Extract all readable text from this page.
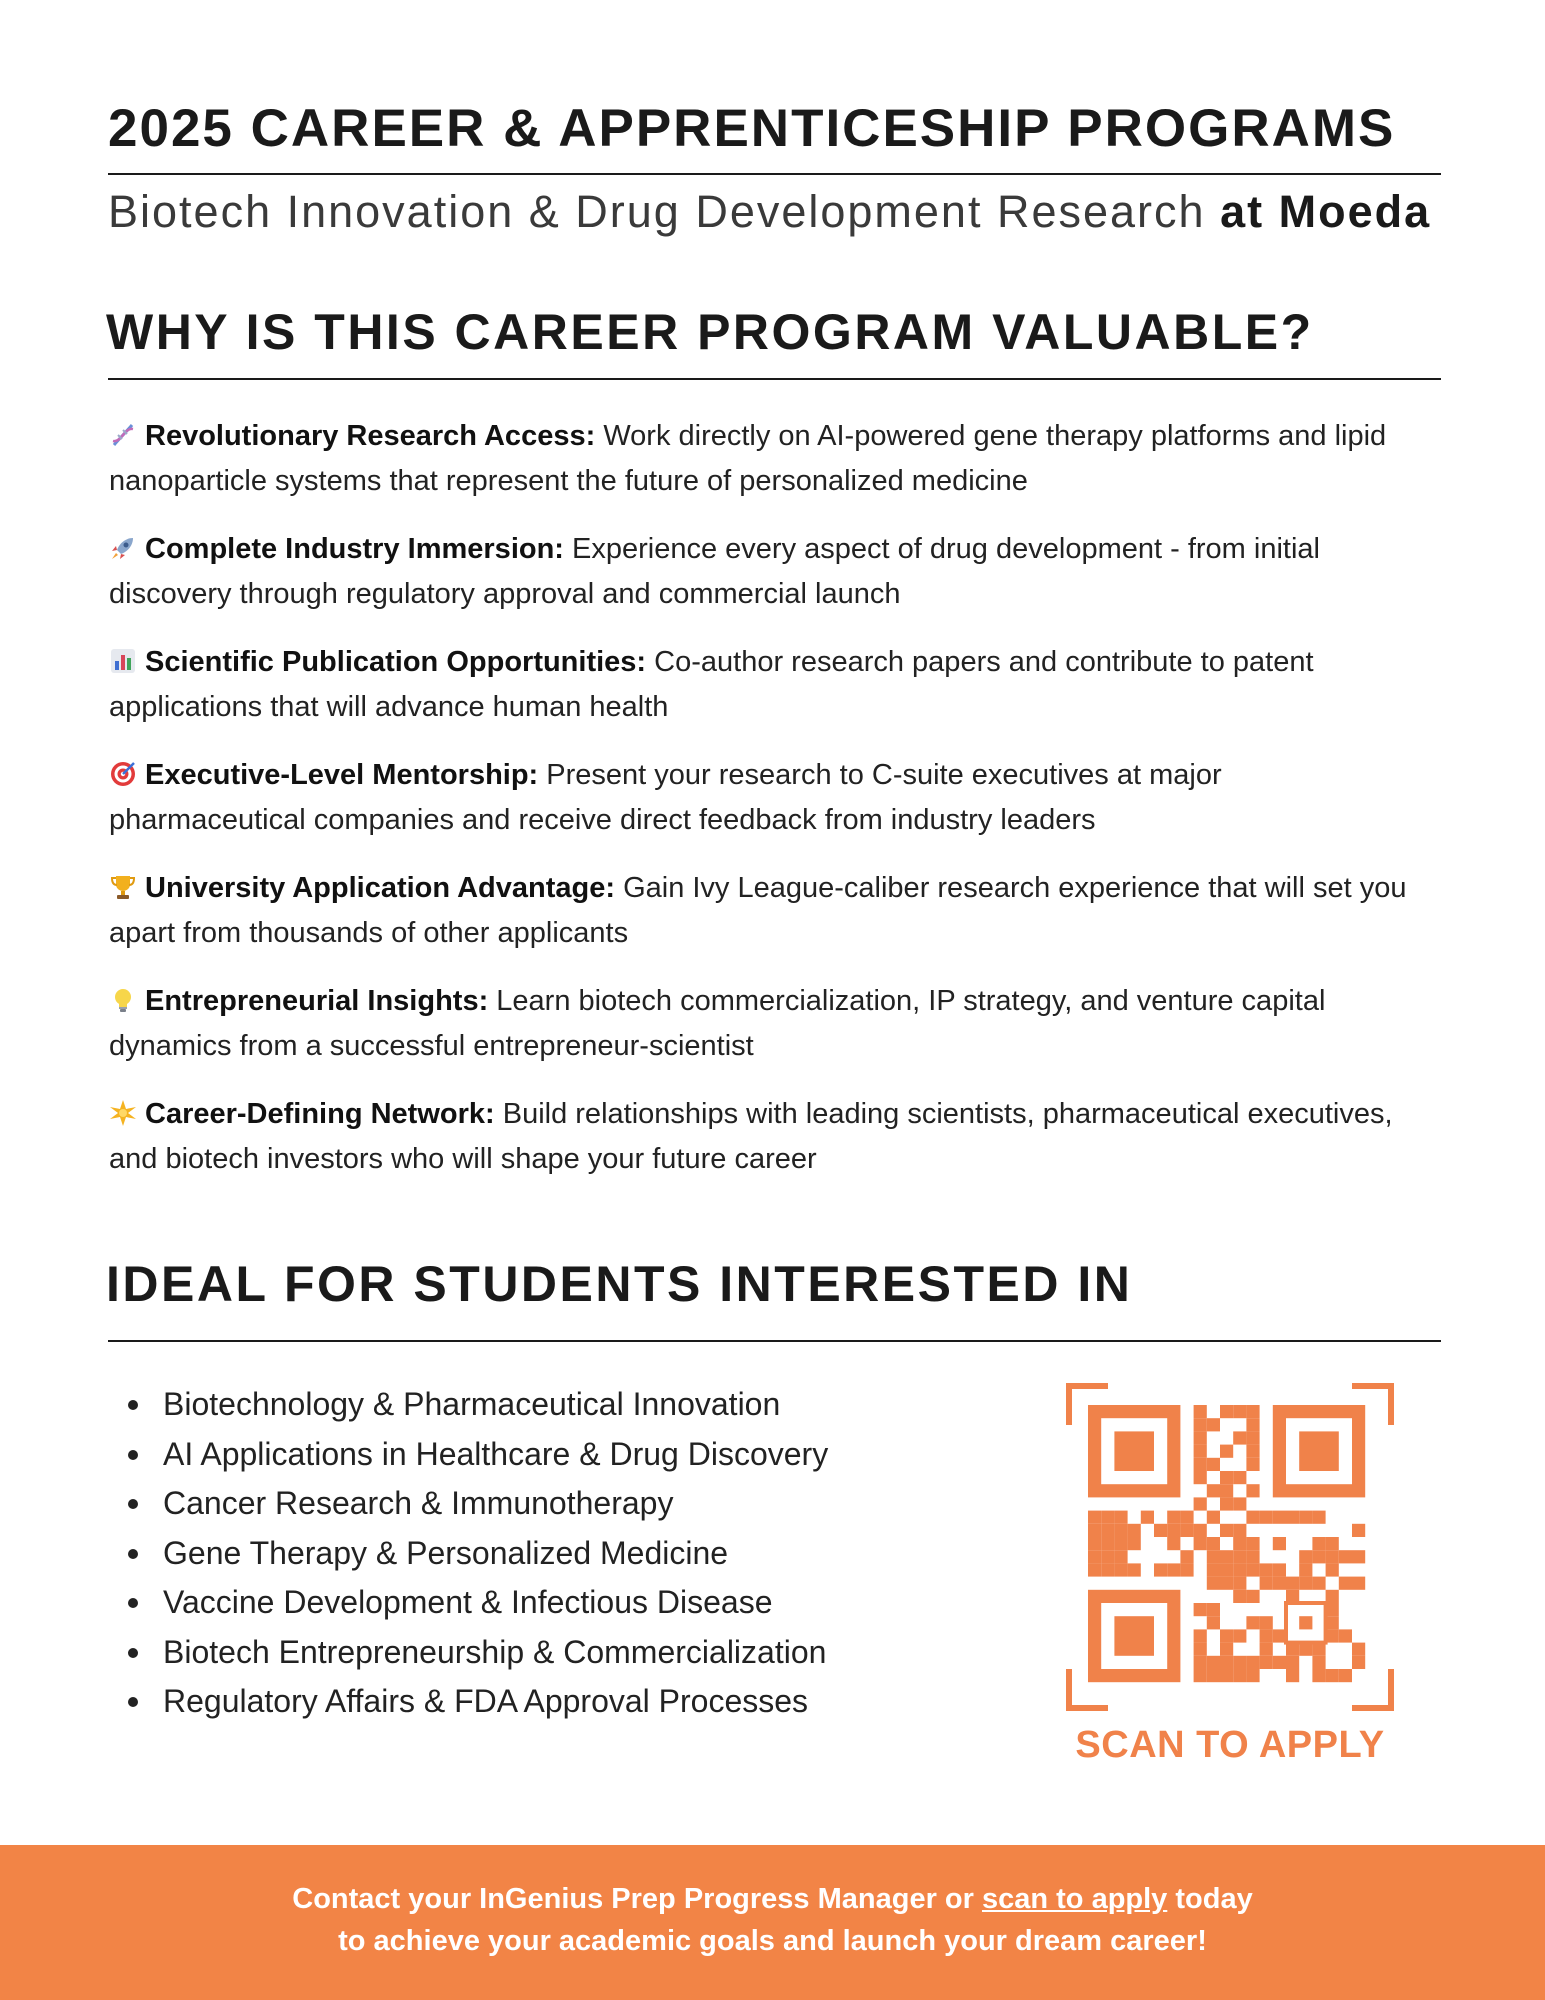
2025 CAREER & APPRENTICESHIP PROGRAMS
Biotech Innovation & Drug Development Research at Moeda
WHY IS THIS CAREER PROGRAM VALUABLE?

Revolutionary Research Access: Work directly on AI-powered gene therapy platforms and lipid nanoparticle systems that represent the future of personalized medicine

Complete Industry Immersion: Experience every aspect of drug development - from initial discovery through regulatory approval and commercial launch

Scientific Publication Opportunities: Co-author research papers and contribute to patent applications that will advance human health

Executive-Level Mentorship: Present your research to C-suite executives at major pharmaceutical companies and receive direct feedback from industry leaders

University Application Advantage: Gain Ivy League-caliber research experience that will set you apart from thousands of other applicants

Entrepreneurial Insights: Learn biotech commercialization, IP strategy, and venture capital dynamics from a successful entrepreneur-scientist

Career-Defining Network: Build relationships with leading scientists, pharmaceutical executives, and biotech investors who will shape your future career

IDEAL FOR STUDENTS INTERESTED IN
Biotechnology & Pharmaceutical Innovation
AI Applications in Healthcare & Drug Discovery
Cancer Research & Immunotherapy
Gene Therapy & Personalized Medicine
Vaccine Development & Infectious Disease
Biotech Entrepreneurship & Commercialization
Regulatory Affairs & FDA Approval Processes
SCAN TO APPLY
Contact your InGenius Prep Progress Manager or scan to apply today
to achieve your academic goals and launch your dream career!
